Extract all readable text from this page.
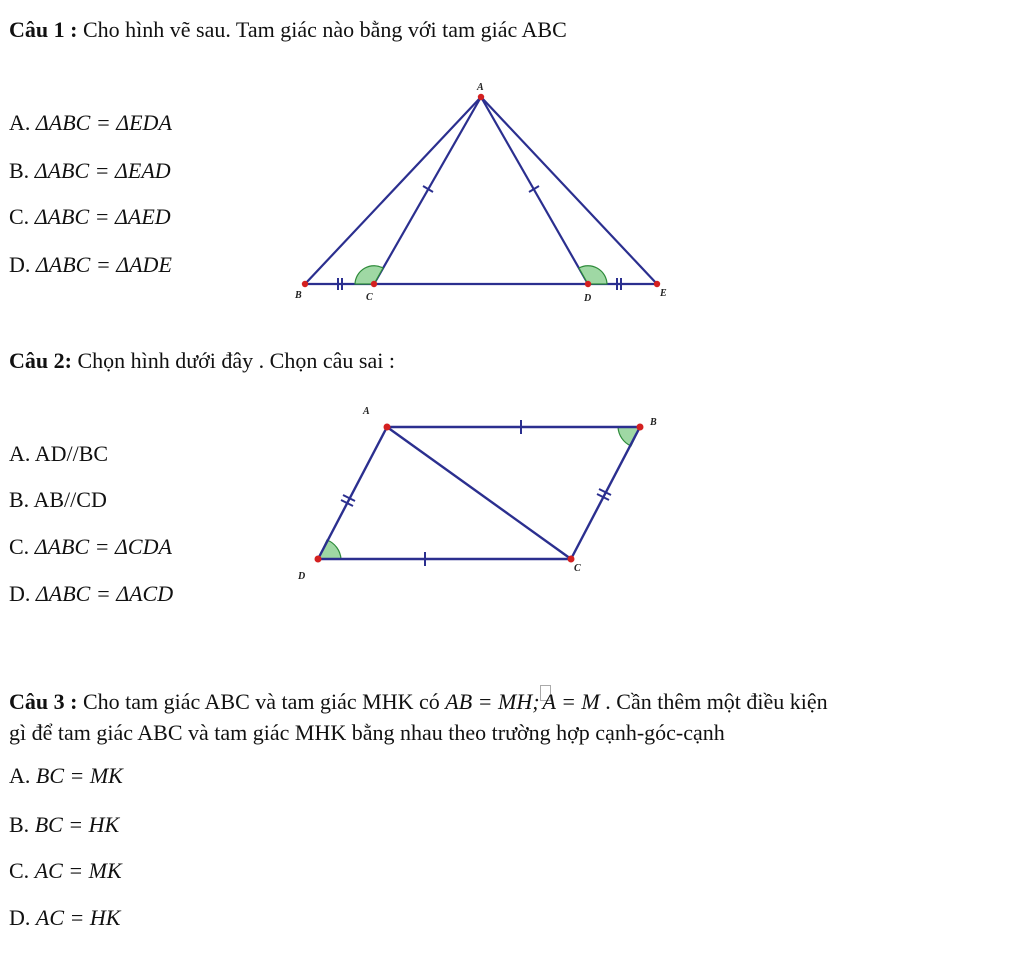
Câu 1 : Cho hình vẽ sau. Tam giác nào bằng với tam giác ABC
A. ΔABC = ΔEDA
B. ΔABC = ΔEAD
C. ΔABC = ΔAED
D. ΔABC = ΔADE
A
B	C	D	E
Câu 2: Chọn hình dưới đây . Chọn câu sai :
A. AD//BC
B. AB//CD
C. ΔABC = ΔCDA
D. ΔABC = ΔACD
A
B
C
D
Câu 3 : Cho tam giác ABC và tam giác MHK có AB = MH; A = M . Cần thêm một điều kiện
gì để tam giác ABC và tam giác MHK bằng nhau theo trường hợp cạnh-góc-cạnh
A. BC = MK
B. BC = HK
C. AC = MK
D. AC = HK
